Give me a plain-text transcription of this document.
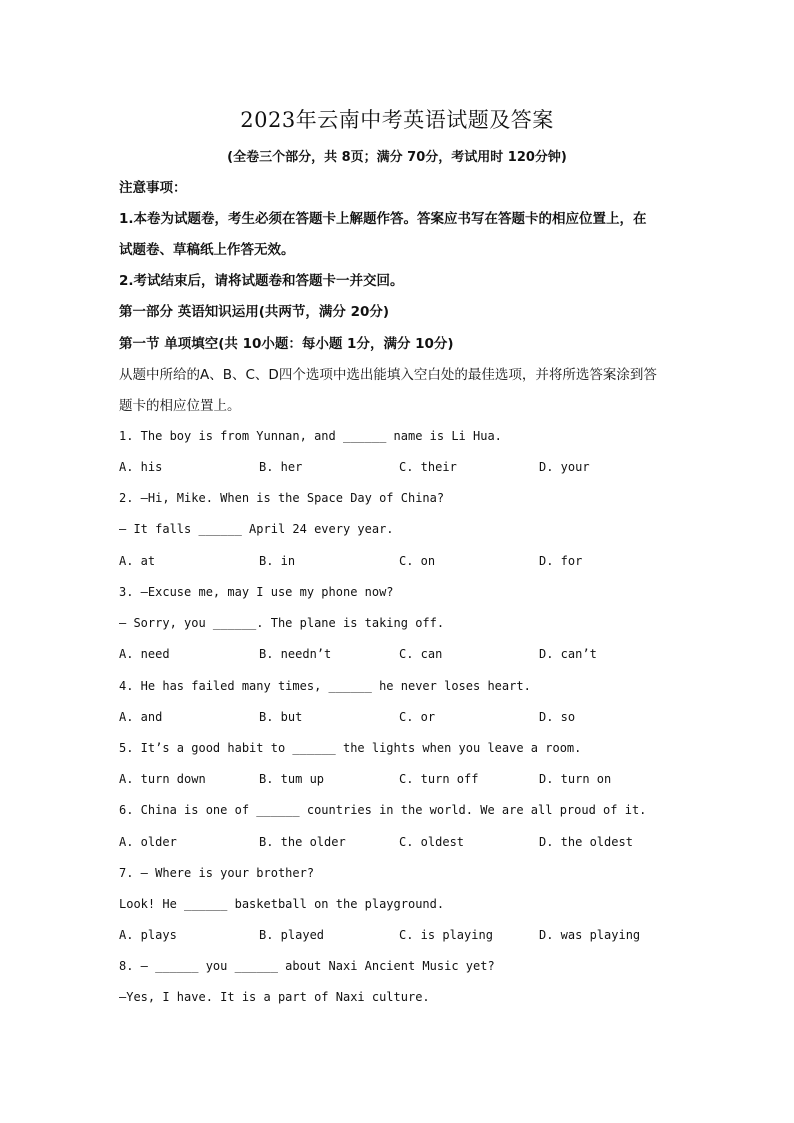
2023年云南中考英语试题及答案
(全卷三个部分，共 8页；满分 70分，考试用时 120分钟)
注意事项：
1.本卷为试题卷，考生必须在答题卡上解题作答。答案应书写在答题卡的相应位置上，在
试题卷、草稿纸上作答无效。
2.考试结束后，请将试题卷和答题卡一并交回。
第一部分 英语知识运用(共两节，满分 20分)
第一节 单项填空(共 10小题：每小题 1分，满分 10分)
从题中所给的A、B、C、D四个选项中选出能填入空白处的最佳选项，并将所选答案涂到答
题卡的相应位置上。
1. The boy is from Yunnan, and ______ name is Li Hua.
A. his	B. her	C. their	D. your
2. —Hi, Mike. When is the Space Day of China?
— It falls ______ April 24 every year.
A. at	B. in	C. on	D. for
3. —Excuse me, may I use my phone now?
— Sorry, you ______. The plane is taking off.
A. need	B. needn’t	C. can	D. can’t
4. He has failed many times, ______ he never loses heart.
A. and	B. but	C. or	D. so
5. It’s a good habit to ______ the lights when you leave a room.
A. turn down	B. tum up	C. turn off	D. turn on
6. China is one of ______ countries in the world. We are all proud of it.
A. older	B. the older	C. oldest	D. the oldest
7. — Where is your brother?
Look! He ______ basketball on the playground.
A. plays	B. played	C. is playing	D. was playing
8. — ______ you ______ about Naxi Ancient Music yet?
—Yes, I have. It is a part of Naxi culture.
